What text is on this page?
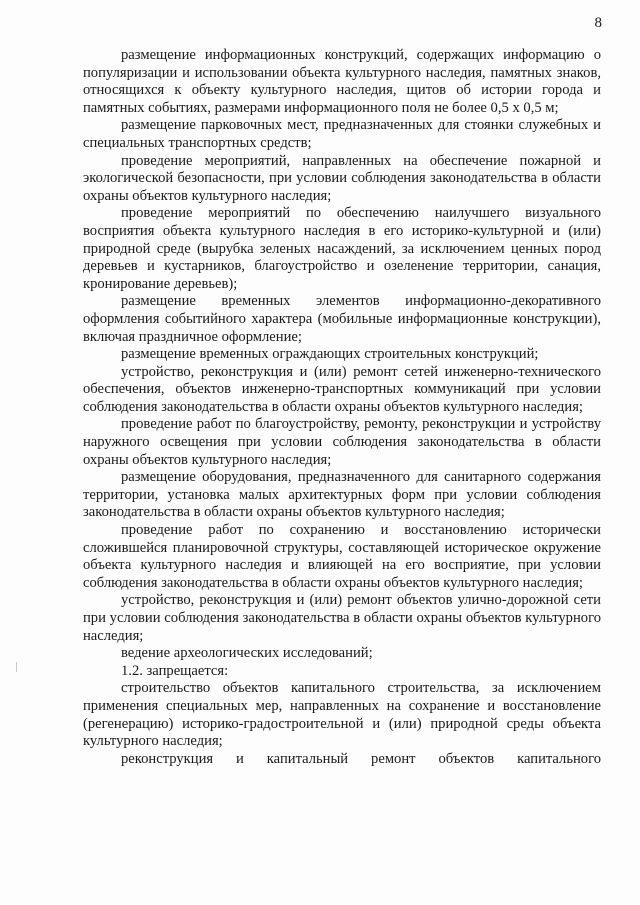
8

размещение информационных конструкций, содержащих информацию о популяризации и использовании объекта культурного наследия, памятных знаков, относящихся к объекту культурного наследия, щитов об истории города и памятных событиях, размерами информационного поля не более 0,5 х 0,5 м;

размещение парковочных мест, предназначенных для стоянки служебных и специальных транспортных средств;

проведение мероприятий, направленных на обеспечение пожарной и экологической безопасности, при условии соблюдения законодательства в области охраны объектов культурного наследия;

проведение мероприятий по обеспечению наилучшего визуального восприятия объекта культурного наследия в его историко-культурной и (или) природной среде (вырубка зеленых насаждений, за исключением ценных пород деревьев и кустарников, благоустройство и озеленение территории, санация, кронирование деревьев);

размещение временных элементов информационно-декоративного оформления событийного характера (мобильные информационные конструкции), включая праздничное оформление;

размещение временных ограждающих строительных конструкций;

устройство, реконструкция и (или) ремонт сетей инженерно-технического обеспечения, объектов инженерно-транспортных коммуникаций при условии соблюдения законодательства в области охраны объектов культурного наследия;

проведение работ по благоустройству, ремонту, реконструкции и устройству наружного освещения при условии соблюдения законодательства в области охраны объектов культурного наследия;

размещение оборудования, предназначенного для санитарного содержания территории, установка малых архитектурных форм при условии соблюдения законодательства в области охраны объектов культурного наследия;

проведение работ по сохранению и восстановлению исторически сложившейся планировочной структуры, составляющей историческое окружение объекта культурного наследия и влияющей на его восприятие, при условии соблюдения законодательства в области охраны объектов культурного наследия;

устройство, реконструкция и (или) ремонт объектов улично-дорожной сети при условии соблюдения законодательства в области охраны объектов культурного наследия;

ведение археологических исследований;

1.2. запрещается:

строительство объектов капитального строительства, за исключением применения специальных мер, направленных на сохранение и восстановление (регенерацию) историко-градостроительной и (или) природной среды объекта культурного наследия;

реконструкция и капитальный ремонт объектов капитального
